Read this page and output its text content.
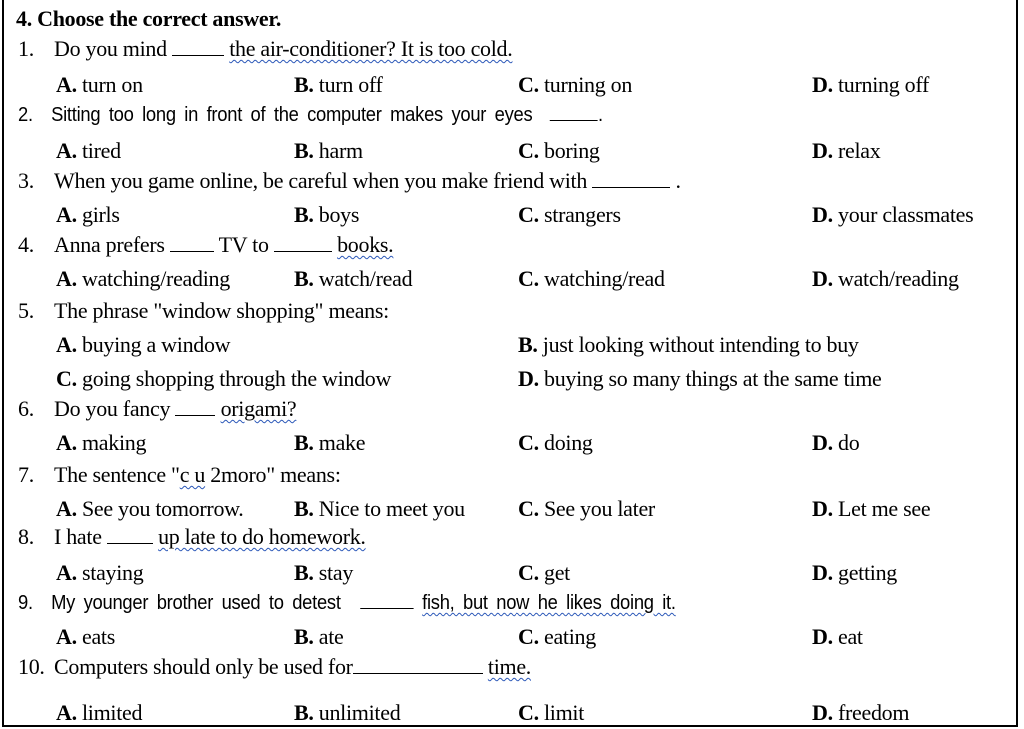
4. Choose the correct answer.
1. Do you mind	the air-conditioner? It is too cold.
A. turn on	B. turn off	C. turning on	D. turning off
2. Sitting too long in front of the computer makes your eyes	.
A. tired	B. harm	C. boring	D. relax
3. When you game online, be careful when you make friend with	.
A. girls	B. boys	C. strangers	D. your classmates
4. Anna prefers TV to	books.
A. watching/reading	B. watch/read	C. watching/read	D. watch/reading
5. The phrase "window shopping" means:
A. buying a window	B. just looking without intending to buy
C. going shopping through the window	D. buying so many things at the same time
6. Do you fancy origami?
A. making	B. make	C. doing	D. do
7. The sentence "c u 2moro" means:
A. See you tomorrow. B. Nice to meet you C. See you later	D. Let me see
8. I hate	up late to do homework.
A. staying	B. stay	C. get	D. getting
9. My younger brother used to detest	fish, but now he likes doing it.
A. eats	B. ate	C. eating	D. eat
10. Computers should only be used for	time.
A. limited	B. unlimited	C. limit	D. freedom
